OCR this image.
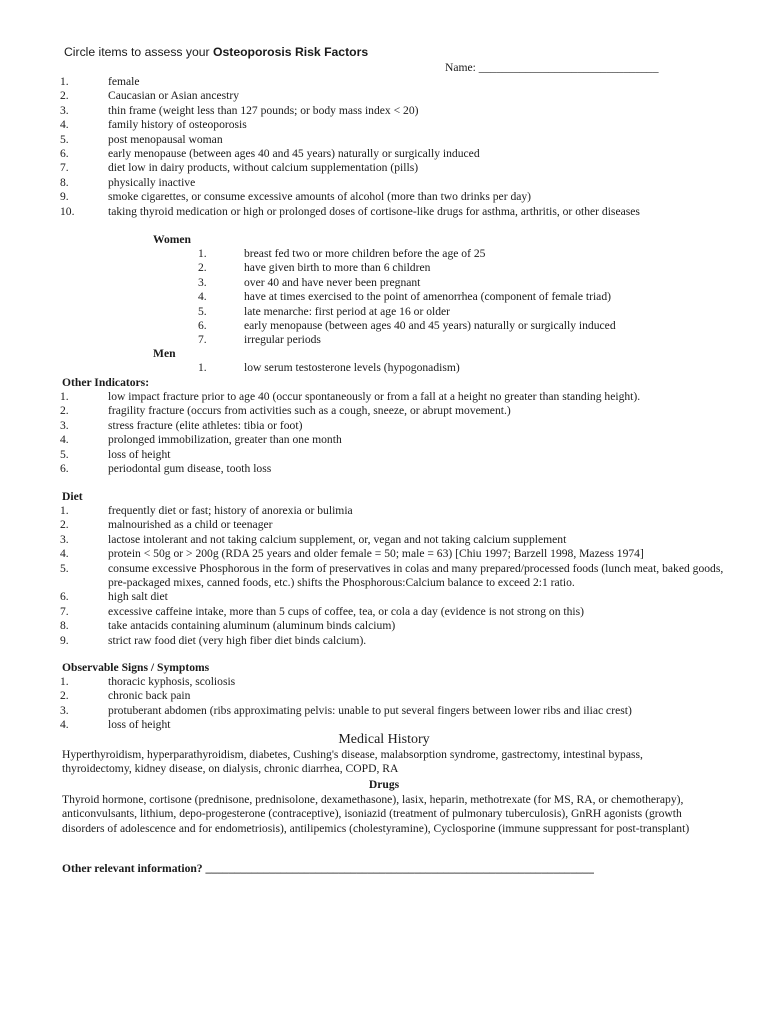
Circle items to assess your Osteoporosis Risk Factors
Name: _______________________________
1.	female
2.	Caucasian or Asian ancestry
3.	thin frame (weight less than 127 pounds; or body mass index < 20)
4.	family history of osteoporosis
5.	post menopausal woman
6.	early menopause (between ages 40 and 45 years) naturally or surgically induced
7.	diet low in dairy products, without calcium supplementation (pills)
8.	physically inactive
9.	smoke cigarettes, or consume excessive amounts of alcohol (more than two drinks per day)
10.	taking thyroid medication or high or prolonged doses of cortisone-like drugs for asthma, arthritis, or other diseases
Women
1.	breast fed two or more children before the age of 25
2.	have given birth to more than 6 children
3.	over 40 and have never been pregnant
4.	have at times exercised to the point of amenorrhea (component of female triad)
5.	late menarche: first period at age 16 or older
6.	early menopause (between ages 40 and 45 years) naturally or surgically induced
7.	irregular periods
Men
1.	low serum testosterone levels (hypogonadism)
Other Indicators:
1.	low impact fracture prior to age 40 (occur spontaneously or from a fall at a height no greater than standing height).
2.	fragility fracture (occurs from activities such as a cough, sneeze, or abrupt movement.)
3.	stress fracture (elite athletes: tibia or foot)
4.	prolonged immobilization, greater than one month
5.	loss of height
6.	periodontal gum disease, tooth loss
Diet
1.	frequently diet or fast; history of anorexia or bulimia
2.	malnourished as a child or teenager
3.	lactose intolerant and not taking calcium supplement, or, vegan and not taking calcium supplement
4.	protein < 50g or > 200g (RDA 25 years and older female = 50; male = 63) [Chiu 1997; Barzell 1998, Mazess 1974]
5.	consume excessive Phosphorous in the form of preservatives in colas and many prepared/processed foods (lunch meat, baked goods, pre-packaged mixes, canned foods, etc.) shifts the Phosphorous:Calcium balance to exceed 2:1 ratio.
6.	high salt diet
7.	excessive caffeine intake, more than 5 cups of coffee, tea, or cola a day (evidence is not strong on this)
8.	take antacids containing aluminum (aluminum binds calcium)
9.	strict raw food diet (very high fiber diet binds calcium).
Observable Signs / Symptoms
1.	thoracic kyphosis, scoliosis
2.	chronic back pain
3.	protuberant abdomen (ribs approximating pelvis: unable to put several fingers between lower ribs and iliac crest)
4.	loss of height
Medical History
Hyperthyroidism, hyperparathyroidism, diabetes, Cushing's disease, malabsorption syndrome, gastrectomy, intestinal bypass, thyroidectomy, kidney disease, on dialysis, chronic diarrhea, COPD, RA
Drugs
Thyroid hormone, cortisone (prednisone, prednisolone, dexamethasone), lasix, heparin, methotrexate (for MS, RA, or chemotherapy), anticonvulsants, lithium, depo-progesterone (contraceptive), isoniazid (treatment of pulmonary tuberculosis), GnRH agonists (growth disorders of adolescence and for endometriosis), antilipemics (cholestyramine), Cyclosporine (immune suppressant for post-transplant)
Other relevant information? ___________________________________________________________________
